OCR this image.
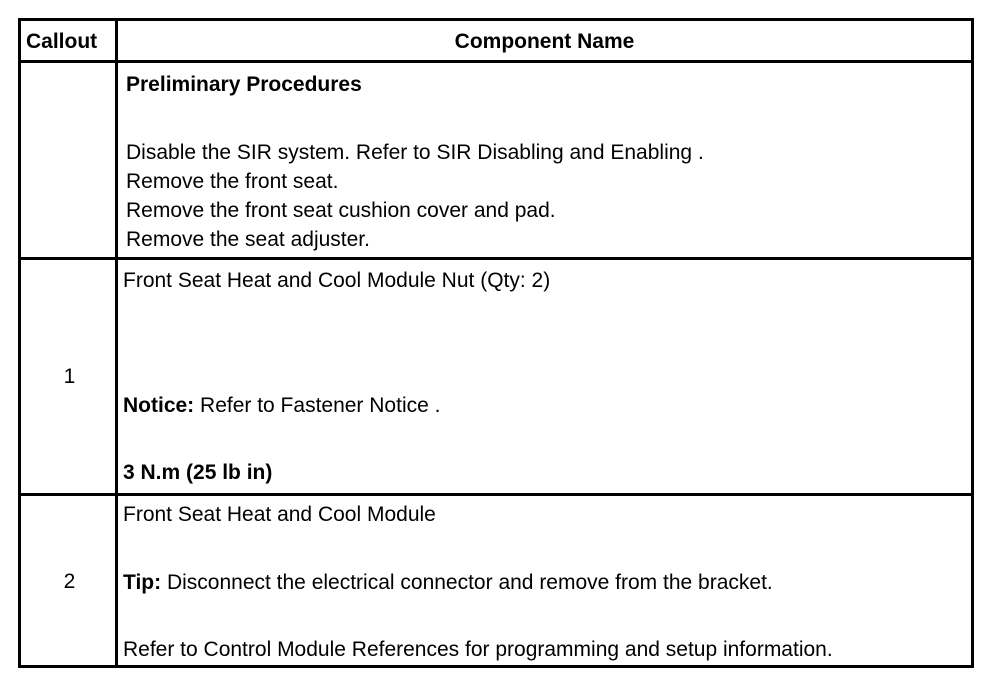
Callout	Component Name
Preliminary Procedures
Disable the SIR system. Refer to SIR Disabling and Enabling .
Remove the front seat.
Remove the front seat cushion cover and pad.
Remove the seat adjuster.
1
Front Seat Heat and Cool Module Nut (Qty: 2)
Notice: Refer to Fastener Notice .
3 N.m (25 lb in)
2
Front Seat Heat and Cool Module
Tip: Disconnect the electrical connector and remove from the bracket.
Refer to Control Module References for programming and setup information.
